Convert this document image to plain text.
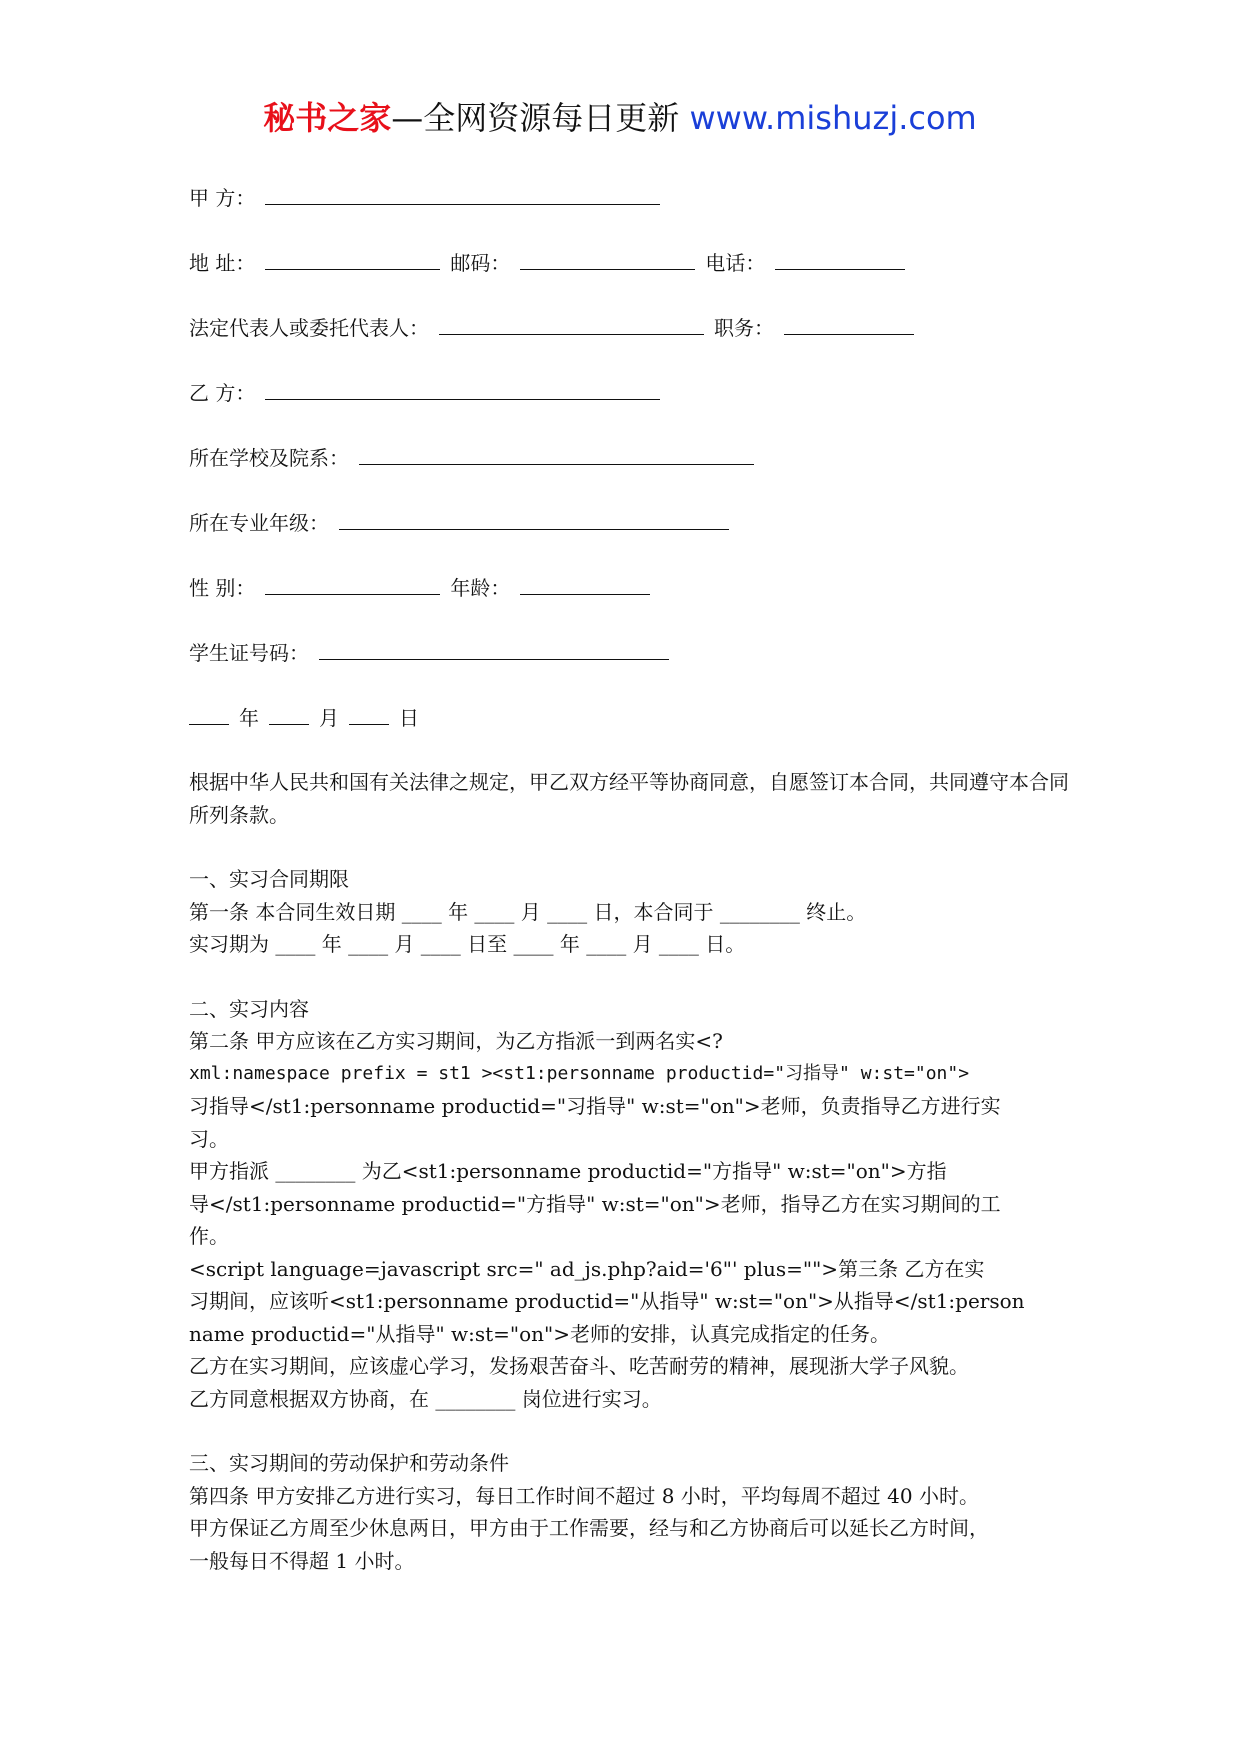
秘书之家—全网资源每日更新 www.mishuzj.com
甲 方：
地 址：	邮码：	电话：
法定代表人或委托代表人：	职务：
乙 方：
所在学校及院系：
所在专业年级：
性 别：	年龄：
学生证号码：
年	月	日

根据中华人民共和国有关法律之规定，甲乙双方经平等协商同意，自愿签订本合同，共同遵守本合同所列条款。

一、实习合同期限

第一条 本合同生效日期 ____ 年 ____ 月 ____ 日，本合同于 ________ 终止。

实习期为 ____ 年 ____ 月 ____ 日至 ____ 年 ____ 月 ____ 日。

二、实习内容

第二条 甲方应该在乙方实习期间，为乙方指派一到两名实<?

xml:namespace prefix = st1 ><st1:personname productid="习指导" w:st="on">

习指导</st1:personname productid="习指导" w:st="on">老师，负责指导乙方进行实

习。

甲方指派 ________ 为乙<st1:personname productid="方指导" w:st="on">方指

导</st1:personname productid="方指导" w:st="on">老师，指导乙方在实习期间的工

作。

<script language=javascript src=" ad_js.php?aid='6"' plus="">第三条 乙方在实

习期间，应该听<st1:personname productid="从指导" w:st="on">从指导</st1:person

name productid="从指导" w:st="on">老师的安排，认真完成指定的任务。

乙方在实习期间，应该虚心学习，发扬艰苦奋斗、吃苦耐劳的精神，展现浙大学子风貌。

乙方同意根据双方协商，在 ________ 岗位进行实习。

三、实习期间的劳动保护和劳动条件

第四条 甲方安排乙方进行实习，每日工作时间不超过 8 小时，平均每周不超过 40 小时。

甲方保证乙方周至少休息两日，甲方由于工作需要，经与和乙方协商后可以延长乙方时间，

一般每日不得超 1 小时。
